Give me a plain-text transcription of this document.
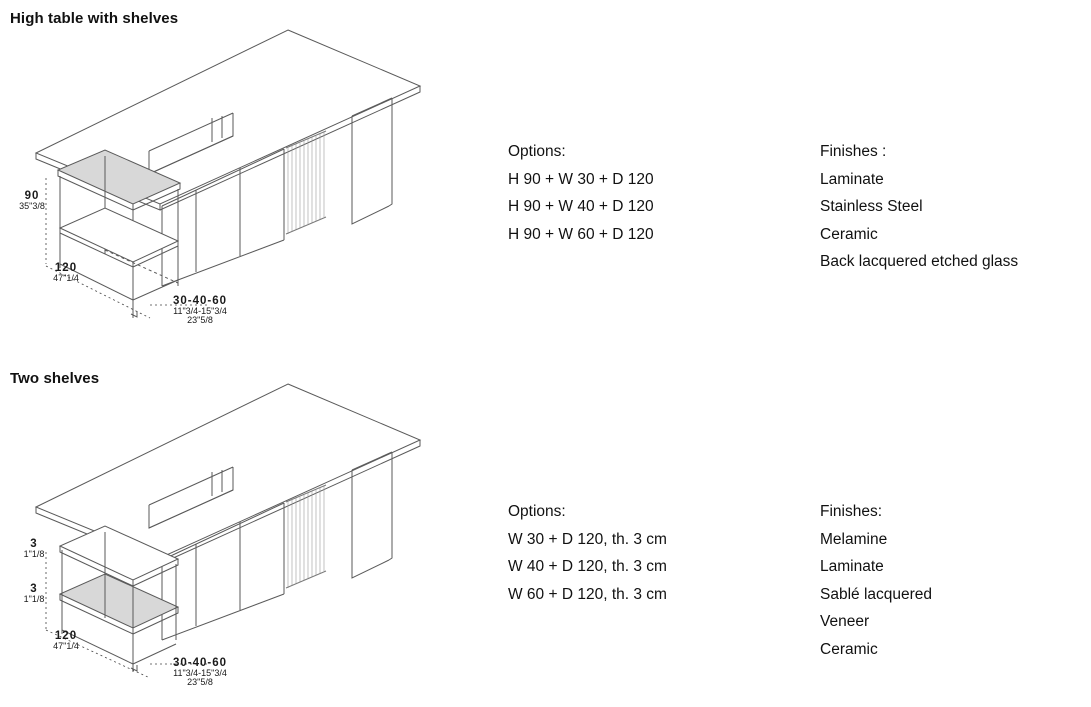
High table with shelves
90
35"3/8
120
47"1/4
30-40-60
11"3/4-15"3/4
23"5/8
Options:
H 90 + W 30 + D 120
H 90 + W 40 + D 120
H 90 + W 60 + D 120
Finishes :
Laminate
Stainless Steel
Ceramic
Back lacquered etched glass
Two shelves
3
1"1/8
3
1"1/8
120
47"1/4
30-40-60
11"3/4-15"3/4
23"5/8
Options:
W 30 + D 120, th. 3 cm
W 40 + D 120, th. 3 cm
W 60 + D 120, th. 3 cm
Finishes:
Melamine
Laminate
Sablé lacquered
Veneer
Ceramic
